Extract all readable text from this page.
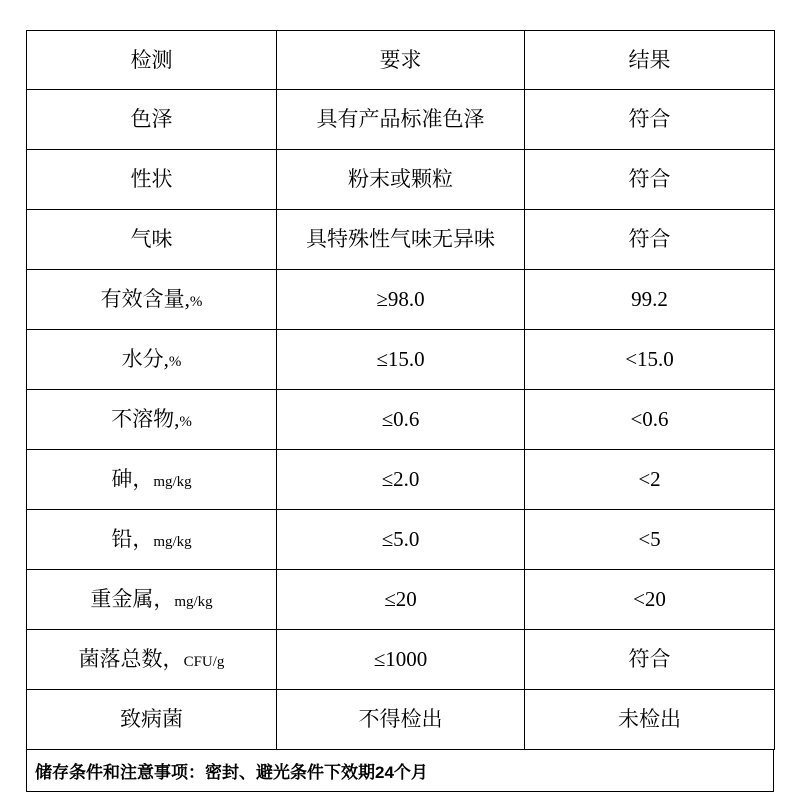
检测	要求	结果

色泽	具有产品标准色泽	符合

性状	粉末或颗粒	符合

气味	具特殊性气味无异味	符合

有效含量,%	≥98.0	99.2

水分,%	≤15.0	<15.0

不溶物,%	≤0.6	<0.6

砷，mg/kg	≤2.0	<2

铅，mg/kg	≤5.0	<5

重金属，mg/kg	≤20	<20

菌落总数，CFU/g	≤1000	符合

致病菌	不得检出	未检出
储存条件和注意事项：密封、避光条件下效期24个月
